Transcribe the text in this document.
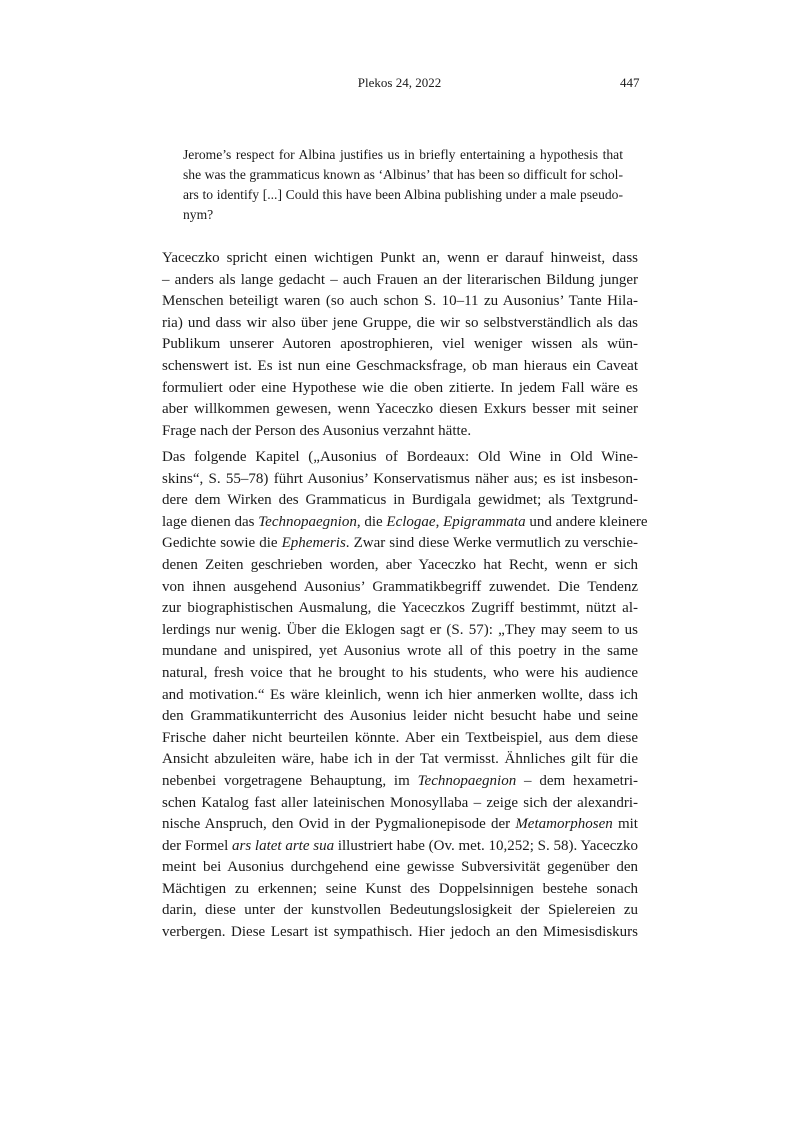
Plekos 24, 2022	447
Jerome’s respect for Albina justifies us in briefly entertaining a hypothesis that
she was the grammaticus known as ‘Albinus’ that has been so difficult for schol-
ars to identify [...] Could this have been Albina publishing under a male pseudo-
nym?
Yaceczko spricht einen wichtigen Punkt an, wenn er darauf hinweist, dass
– anders als lange gedacht – auch Frauen an der literarischen Bildung junger
Menschen beteiligt waren (so auch schon S. 10–11 zu Ausonius’ Tante Hila-
ria) und dass wir also über jene Gruppe, die wir so selbstverständlich als das
Publikum unserer Autoren apostrophieren, viel weniger wissen als wün-
schenswert ist. Es ist nun eine Geschmacksfrage, ob man hieraus ein Caveat
formuliert oder eine Hypothese wie die oben zitierte. In jedem Fall wäre es
aber willkommen gewesen, wenn Yaceczko diesen Exkurs besser mit seiner
Frage nach der Person des Ausonius verzahnt hätte.
Das folgende Kapitel („Ausonius of Bordeaux: Old Wine in Old Wine-
skins“, S. 55–78) führt Ausonius’ Konservatismus näher aus; es ist insbeson-
dere dem Wirken des Grammaticus in Burdigala gewidmet; als Textgrund-
lage dienen das Technopaegnion, die Eclogae, Epigrammata und andere kleinere
Gedichte sowie die Ephemeris. Zwar sind diese Werke vermutlich zu verschie-
denen Zeiten geschrieben worden, aber Yaceczko hat Recht, wenn er sich
von ihnen ausgehend Ausonius’ Grammatikbegriff zuwendet. Die Tendenz
zur biographistischen Ausmalung, die Yaceczkos Zugriff bestimmt, nützt al-
lerdings nur wenig. Über die Eklogen sagt er (S. 57): „They may seem to us
mundane and unispired, yet Ausonius wrote all of this poetry in the same
natural, fresh voice that he brought to his students, who were his audience
and motivation.“ Es wäre kleinlich, wenn ich hier anmerken wollte, dass ich
den Grammatikunterricht des Ausonius leider nicht besucht habe und seine
Frische daher nicht beurteilen könnte. Aber ein Textbeispiel, aus dem diese
Ansicht abzuleiten wäre, habe ich in der Tat vermisst. Ähnliches gilt für die
nebenbei vorgetragene Behauptung, im Technopaegnion – dem hexametri-
schen Katalog fast aller lateinischen Monosyllaba – zeige sich der alexandri-
nische Anspruch, den Ovid in der Pygmalionepisode der Metamorphosen mit
der Formel ars latet arte sua illustriert habe (Ov. met. 10,252; S. 58). Yaceczko
meint bei Ausonius durchgehend eine gewisse Subversivität gegenüber den
Mächtigen zu erkennen; seine Kunst des Doppelsinnigen bestehe sonach
darin, diese unter der kunstvollen Bedeutungslosigkeit der Spielereien zu
verbergen. Diese Lesart ist sympathisch. Hier jedoch an den Mimesisdiskurs
